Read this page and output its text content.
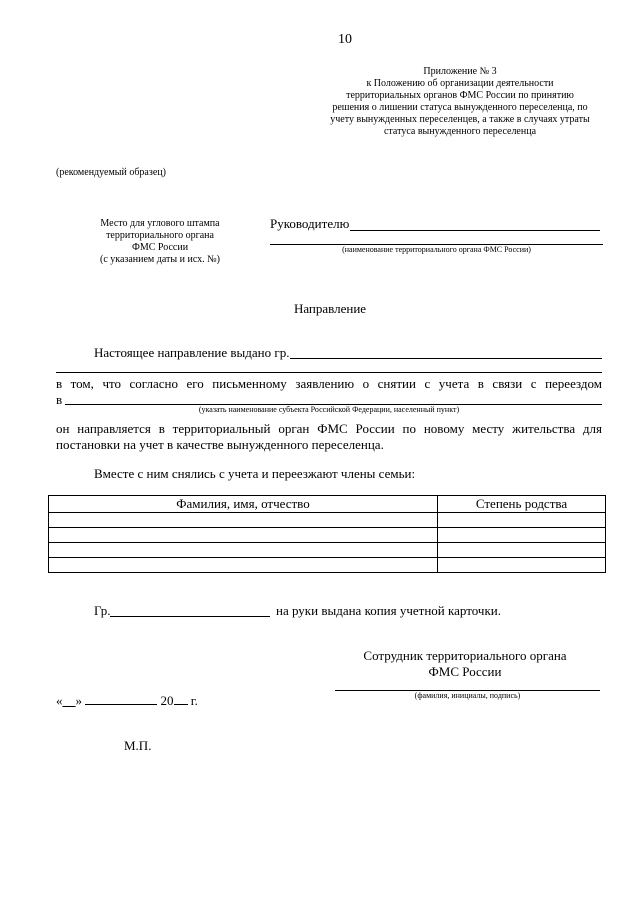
10
Приложение № 3
к Положению об организации деятельности
территориальных органов ФМС России по принятию
решения о лишении статуса вынужденного переселенца, по
учету вынужденных переселенцев, а также в случаях утраты
статуса вынужденного переселенца
(рекомендуемый образец)
Место для углового штампа
территориального органа
ФМС России
(с указанием даты и исх. №)
Руководителю
(наименование территориального органа ФМС России)
Направление
Настоящее направление выдано гр.
в том, что согласно его письменному заявлению о снятии с учета в связи с переездом
в
(указать наименование субъекта Российской Федерации, населенный пункт)
он направляется в территориальный орган ФМС России по новому месту жительства для
постановки на учет в качестве вынужденного переселенца.
Вместе с ним снялись с учета и переезжают члены семьи:
Фамилия, имя, отчество	Степень родства

Гр.	на руки выдана копия учетной карточки.
Сотрудник территориального органа
ФМС России
(фамилия, инициалы, подпись)
«__»	20 г.
М.П.
